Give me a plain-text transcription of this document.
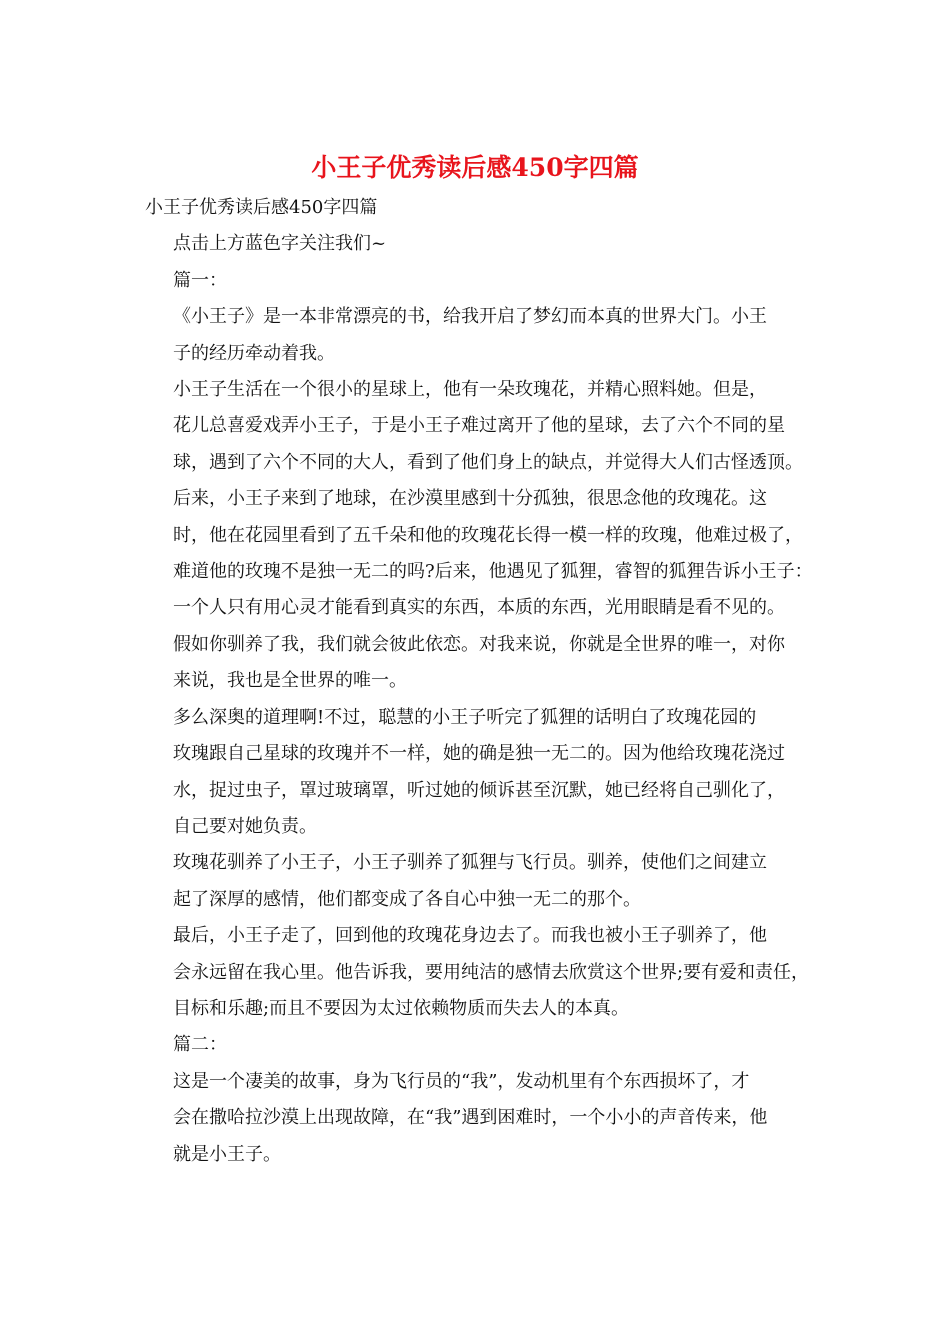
小王子优秀读后感450字四篇

小王子优秀读后感450字四篇

点击上方蓝色字关注我们~

篇一：

《小王子》是一本非常漂亮的书，给我开启了梦幻而本真的世界大门。小王
子的经历牵动着我。

小王子生活在一个很小的星球上，他有一朵玫瑰花，并精心照料她。但是，
花儿总喜爱戏弄小王子，于是小王子难过离开了他的星球，去了六个不同的星
球，遇到了六个不同的大人，看到了他们身上的缺点，并觉得大人们古怪透顶。

后来，小王子来到了地球，在沙漠里感到十分孤独，很思念他的玫瑰花。这
时，他在花园里看到了五千朵和他的玫瑰花长得一模一样的玫瑰，他难过极了，
难道他的玫瑰不是独一无二的吗?后来，他遇见了狐狸，睿智的狐狸告诉小王子：
一个人只有用心灵才能看到真实的东西，本质的东西，光用眼睛是看不见的。
假如你驯养了我，我们就会彼此依恋。对我来说，你就是全世界的唯一，对你
来说，我也是全世界的唯一。

多么深奥的道理啊!不过，聪慧的小王子听完了狐狸的话明白了玫瑰花园的
玫瑰跟自己星球的玫瑰并不一样，她的确是独一无二的。因为他给玫瑰花浇过
水，捉过虫子，罩过玻璃罩，听过她的倾诉甚至沉默，她已经将自己驯化了，
自己要对她负责。

玫瑰花驯养了小王子，小王子驯养了狐狸与飞行员。驯养，使他们之间建立
起了深厚的感情，他们都变成了各自心中独一无二的那个。

最后，小王子走了，回到他的玫瑰花身边去了。而我也被小王子驯养了，他
会永远留在我心里。他告诉我，要用纯洁的感情去欣赏这个世界;要有爱和责任，
目标和乐趣;而且不要因为太过依赖物质而失去人的本真。

篇二：

这是一个凄美的故事，身为飞行员的“我”，发动机里有个东西损坏了，才
会在撒哈拉沙漠上出现故障，在“我”遇到困难时，一个小小的声音传来，他
就是小王子。
